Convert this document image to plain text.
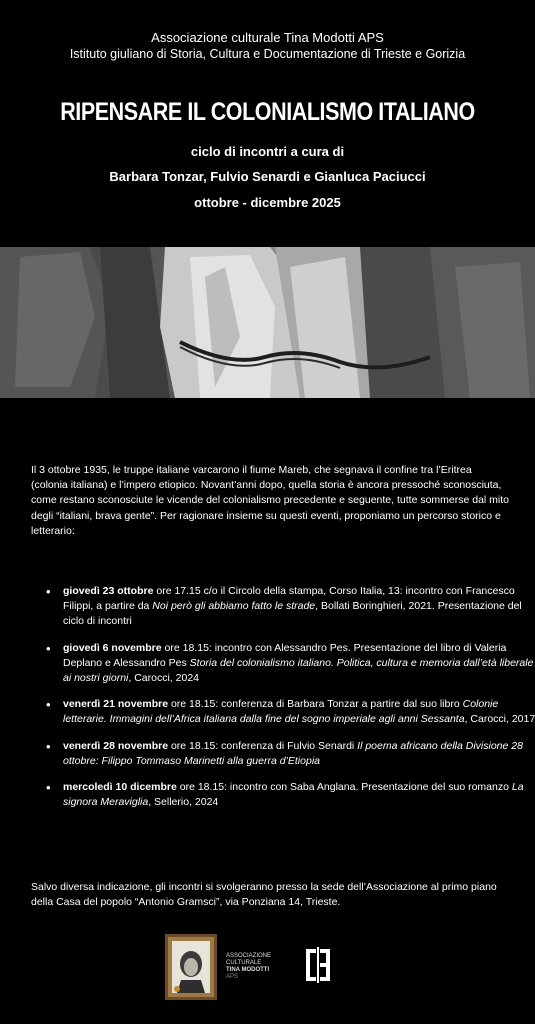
Associazione culturale Tina Modotti APS
Istituto giuliano di Storia, Cultura e Documentazione di Trieste e Gorizia
RIPENSARE IL COLONIALISMO ITALIANO
ciclo di incontri a cura di
Barbara Tonzar, Fulvio Senardi e Gianluca Paciucci
ottobre - dicembre 2025
Il 3 ottobre 1935, le truppe italiane varcarono il fiume Mareb, che segnava il confine tra l’Eritrea (colonia italiana) e l’impero etiopico. Novant’anni dopo, quella storia è ancora pressoché sconosciuta, come restano sconosciute le vicende del colonialismo precedente e seguente, tutte sommerse dal mito degli “italiani, brava gente”. Per ragionare insieme su questi eventi, proponiamo un percorso storico e letterario:
• giovedì 23 ottobre ore 17.15 c/o il Circolo della stampa, Corso Italia, 13: incontro con Francesco Filippi, a partire da Noi però gli abbiamo fatto le strade, Bollati Boringhieri, 2021. Presentazione del ciclo di incontri
• giovedì 6 novembre ore 18.15: incontro con Alessandro Pes. Presentazione del libro di Valeria Deplano e Alessandro Pes Storia del colonialismo italiano. Politica, cultura e memoria dall’età liberale ai nostri giorni, Carocci, 2024
• venerdì 21 novembre ore 18.15: conferenza di Barbara Tonzar a partire dal suo libro Colonie letterarie. Immagini dell’Africa italiana dalla fine del sogno imperiale agli anni Sessanta, Carocci, 2017
• venerdì 28 novembre ore 18.15: conferenza di Fulvio Senardi Il poema africano della Divisione 28 ottobre: Filippo Tommaso Marinetti alla guerra d’Etiopia
• mercoledì 10 dicembre ore 18.15: incontro con Saba Anglana. Presentazione del suo romanzo La signora Meraviglia, Sellerio, 2024
Salvo diversa indicazione, gli incontri si svolgeranno presso la sede dell’Associazione al primo piano della Casa del popolo “Antonio Gramsci”, via Ponziana 14, Trieste.
ASSOCIAZIONE
CULTURALE
TINA MODOTTI
APS
